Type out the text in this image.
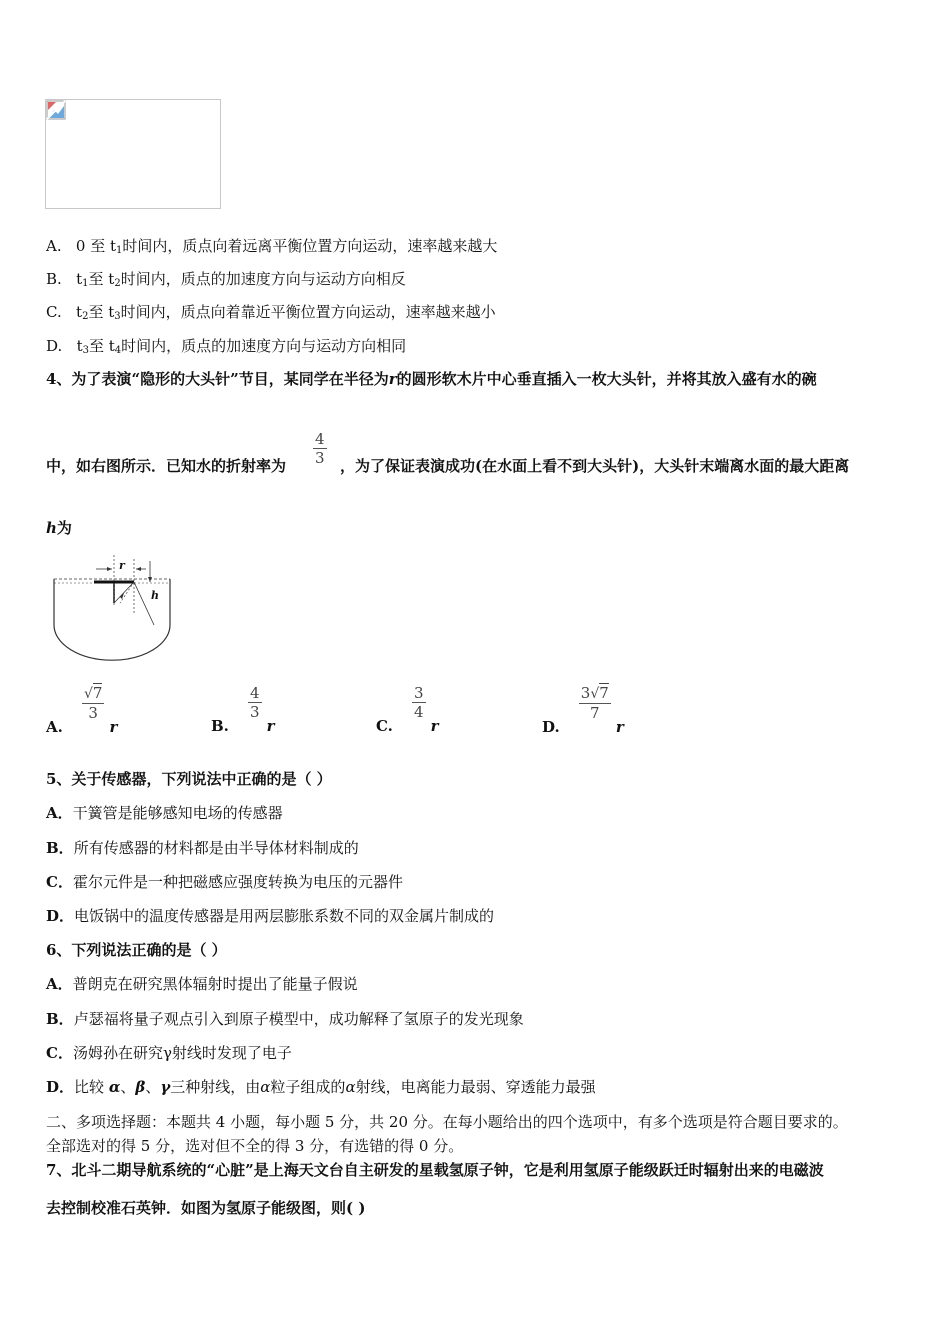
A. 0 至 $t_1$时间内，质点向着远离平衡位置方向运动，速率越来越大
B. $t_1$至 $t_2$时间内，质点的加速度方向与运动方向相反
C. $t_2$至 $t_3$时间内，质点向着靠近平衡位置方向运动，速率越来越小
D. $t_3$至 $t_4$时间内，质点的加速度方向与运动方向相同
4、为了表演“隐形的大头针”节目，某同学在半径为r的圆形软木片中心垂直插入一枚大头针，并将其放入盛有水的碗
中，如右图所示．已知水的折射率为 $\frac{4}{3}$ ，为了保证表演成功(在水面上看不到大头针)，大头针末端离水面的最大距离
h为
r
h
A.
$\frac{√7}{3}$
r	B.
$\frac{4}{3}$
r	C.
$\frac{3}{4}$
r	D.
$\frac{3√7}{7}$
r
5、关于传感器，下列说法中正确的是（ ）
A．干簧管是能够感知电场的传感器
B．所有传感器的材料都是由半导体材料制成的
C．霍尔元件是一种把磁感应强度转换为电压的元器件
D．电饭锅中的温度传感器是用两层膨胀系数不同的双金属片制成的
6、下列说法正确的是（ ）
A．普朗克在研究黑体辐射时提出了能量子假说
B．卢瑟福将量子观点引入到原子模型中，成功解释了氢原子的发光现象
C．汤姆孙在研究γ射线时发现了电子
D．比较 α、β、γ三种射线，由α粒子组成的α射线，电离能力最弱、穿透能力最强
二、多项选择题：本题共 4 小题，每小题 5 分，共 20 分。在每小题给出的四个选项中，有多个选项是符合题目要求的。
全部选对的得 5 分，选对但不全的得 3 分，有选错的得 0 分。
7、北斗二期导航系统的“心脏”是上海天文台自主研发的星载氢原子钟，它是利用氢原子能级跃迁时辐射出来的电磁波
去控制校准石英钟．如图为氢原子能级图，则( )
